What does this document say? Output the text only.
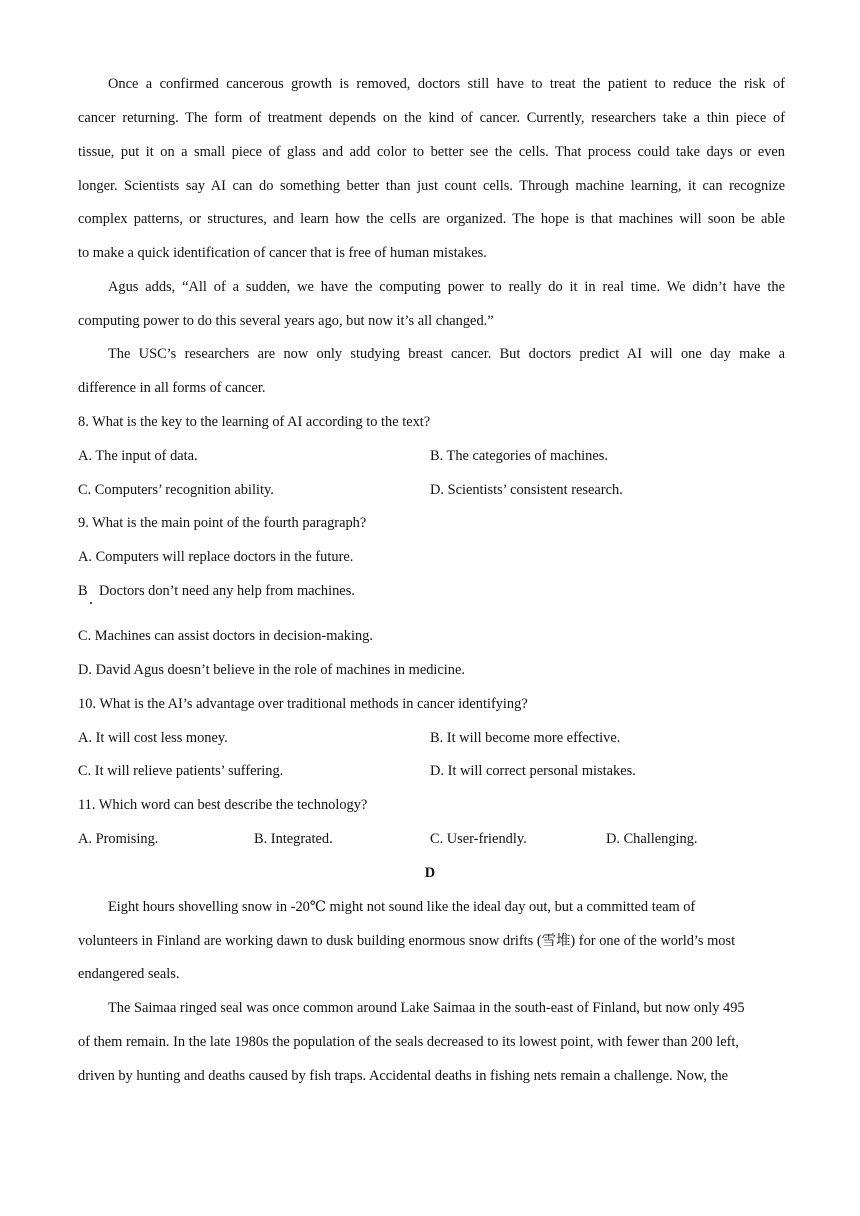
Once a confirmed cancerous growth is removed, doctors still have to treat the patient to reduce the risk of
cancer returning. The form of treatment depends on the kind of cancer. Currently, researchers take a thin piece of
tissue, put it on a small piece of glass and add color to better see the cells. That process could take days or even
longer. Scientists say AI can do something better than just count cells. Through machine learning, it can recognize
complex patterns, or structures, and learn how the cells are organized. The hope is that machines will soon be able
to make a quick identification of cancer that is free of human mistakes.
Agus adds, “All of a sudden, we have the computing power to really do it in real time. We didn’t have the
computing power to do this several years ago, but now it’s all changed.”
The USC’s researchers are now only studying breast cancer. But doctors predict AI will one day make a
difference in all forms of cancer.
8. What is the key to the learning of AI according to the text?
A. The input of data.	B. The categories of machines.
C. Computers’ recognition ability.	D. Scientists’ consistent research.
9. What is the main point of the fourth paragraph?
A. Computers will replace doctors in the future.
B Doctors don’t need any help from machines.
C. Machines can assist doctors in decision-making.
D. David Agus doesn’t believe in the role of machines in medicine.
10. What is the AI’s advantage over traditional methods in cancer identifying?
A. It will cost less money.	B. It will become more effective.
C. It will relieve patients’ suffering.	D. It will correct personal mistakes.
11. Which word can best describe the technology?
A. Promising.	B. Integrated.	C. User-friendly.	D. Challenging.
D
Eight hours shovelling snow in -20℃ might not sound like the ideal day out, but a committed team of
volunteers in Finland are working dawn to dusk building enormous snow drifts (雪堆) for one of the world’s most
endangered seals.
The Saimaa ringed seal was once common around Lake Saimaa in the south-east of Finland, but now only 495
of them remain. In the late 1980s the population of the seals decreased to its lowest point, with fewer than 200 left,
driven by hunting and deaths caused by fish traps. Accidental deaths in fishing nets remain a challenge. Now, the
